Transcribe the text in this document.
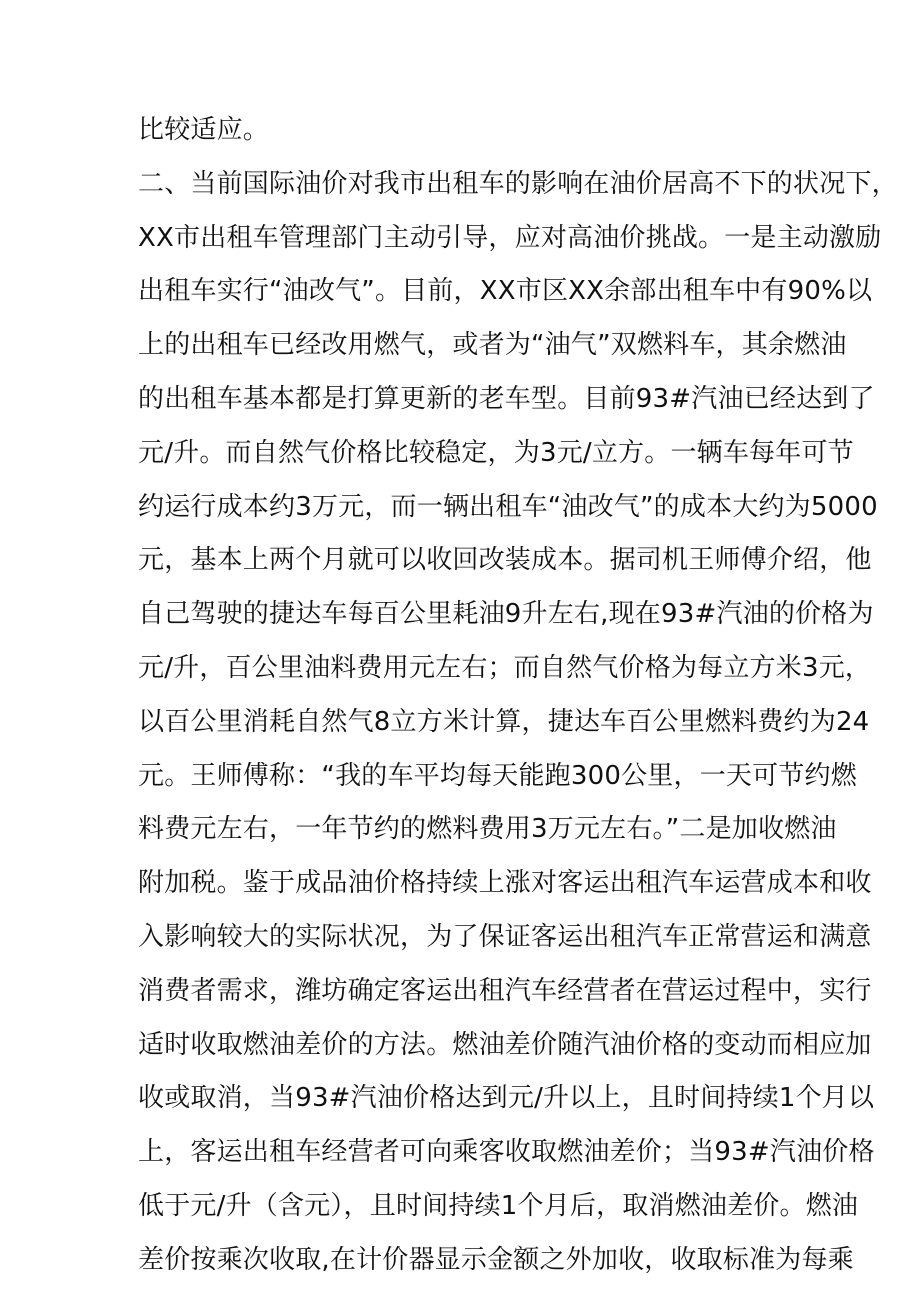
比较适应。
二、当前国际油价对我市出租车的影响在油价居高不下的状况下，
XX市出租车管理部门主动引导，应对高油价挑战。一是主动激励
出租车实行“油改气”。目前，XX市区XX余部出租车中有90%以
上的出租车已经改用燃气，或者为“油气”双燃料车，其余燃油
的出租车基本都是打算更新的老车型。目前93#汽油已经达到了
元/升。而自然气价格比较稳定，为3元/立方。一辆车每年可节
约运行成本约3万元，而一辆出租车“油改气”的成本大约为5000
元，基本上两个月就可以收回改装成本。据司机王师傅介绍，他
自己驾驶的捷达车每百公里耗油9升左右,现在93#汽油的价格为
元/升，百公里油料费用元左右；而自然气价格为每立方米3元，
以百公里消耗自然气8立方米计算，捷达车百公里燃料费约为24
元。王师傅称：“我的车平均每天能跑300公里，一天可节约燃
料费元左右，一年节约的燃料费用3万元左右。”二是加收燃油
附加税。鉴于成品油价格持续上涨对客运出租汽车运营成本和收
入影响较大的实际状况，为了保证客运出租汽车正常营运和满意
消费者需求，潍坊确定客运出租汽车经营者在营运过程中，实行
适时收取燃油差价的方法。燃油差价随汽油价格的变动而相应加
收或取消，当93#汽油价格达到元/升以上，且时间持续1个月以
上，客运出租车经营者可向乘客收取燃油差价；当93#汽油价格
低于元/升（含元），且时间持续1个月后，取消燃油差价。燃油
差价按乘次收取,在计价器显示金额之外加收，收取标准为每乘
